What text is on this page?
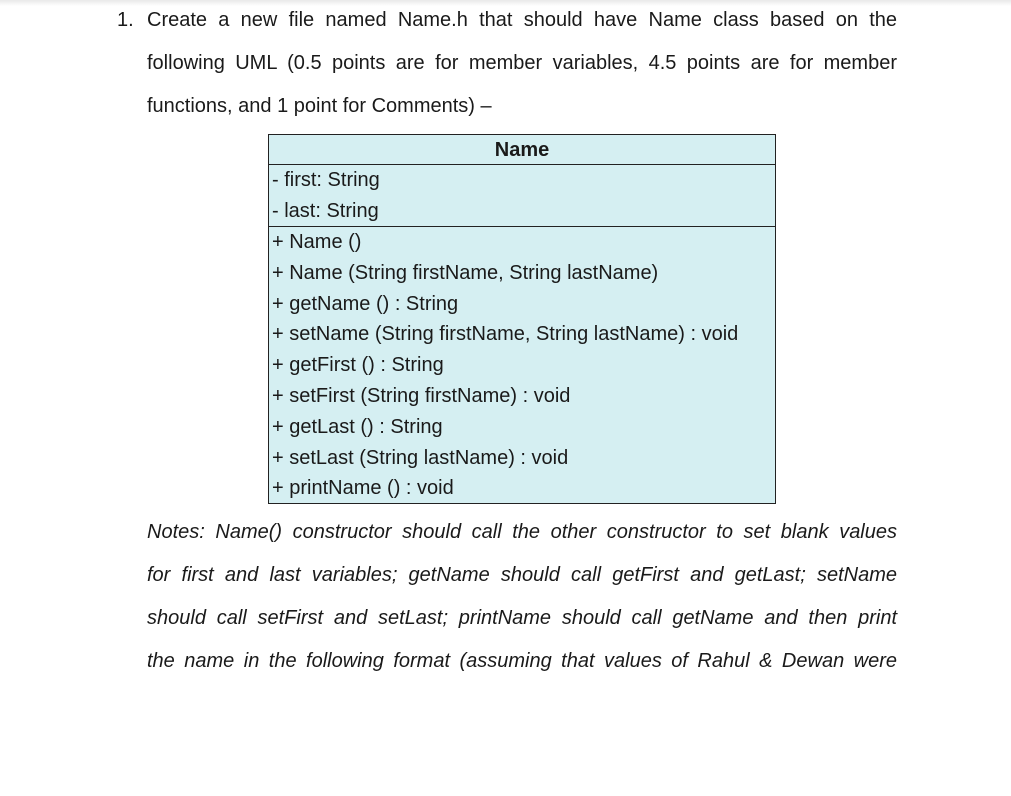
1. Create a new file named Name.h that should have Name class based on the
following UML (0.5 points are for member variables, 4.5 points are for member
functions, and 1 point for Comments) –
Name
- first: String
- last: String
+ Name ()
+ Name (String firstName, String lastName)
+ getName () : String
+ setName (String firstName, String lastName) : void
+ getFirst () : String
+ setFirst (String firstName) : void
+ getLast () : String
+ setLast (String lastName) : void
+ printName () : void
Notes: Name() constructor should call the other constructor to set blank values
for first and last variables; getName should call getFirst and getLast; setName
should call setFirst and setLast; printName should call getName and then print
the name in the following format (assuming that values of Rahul & Dewan were
